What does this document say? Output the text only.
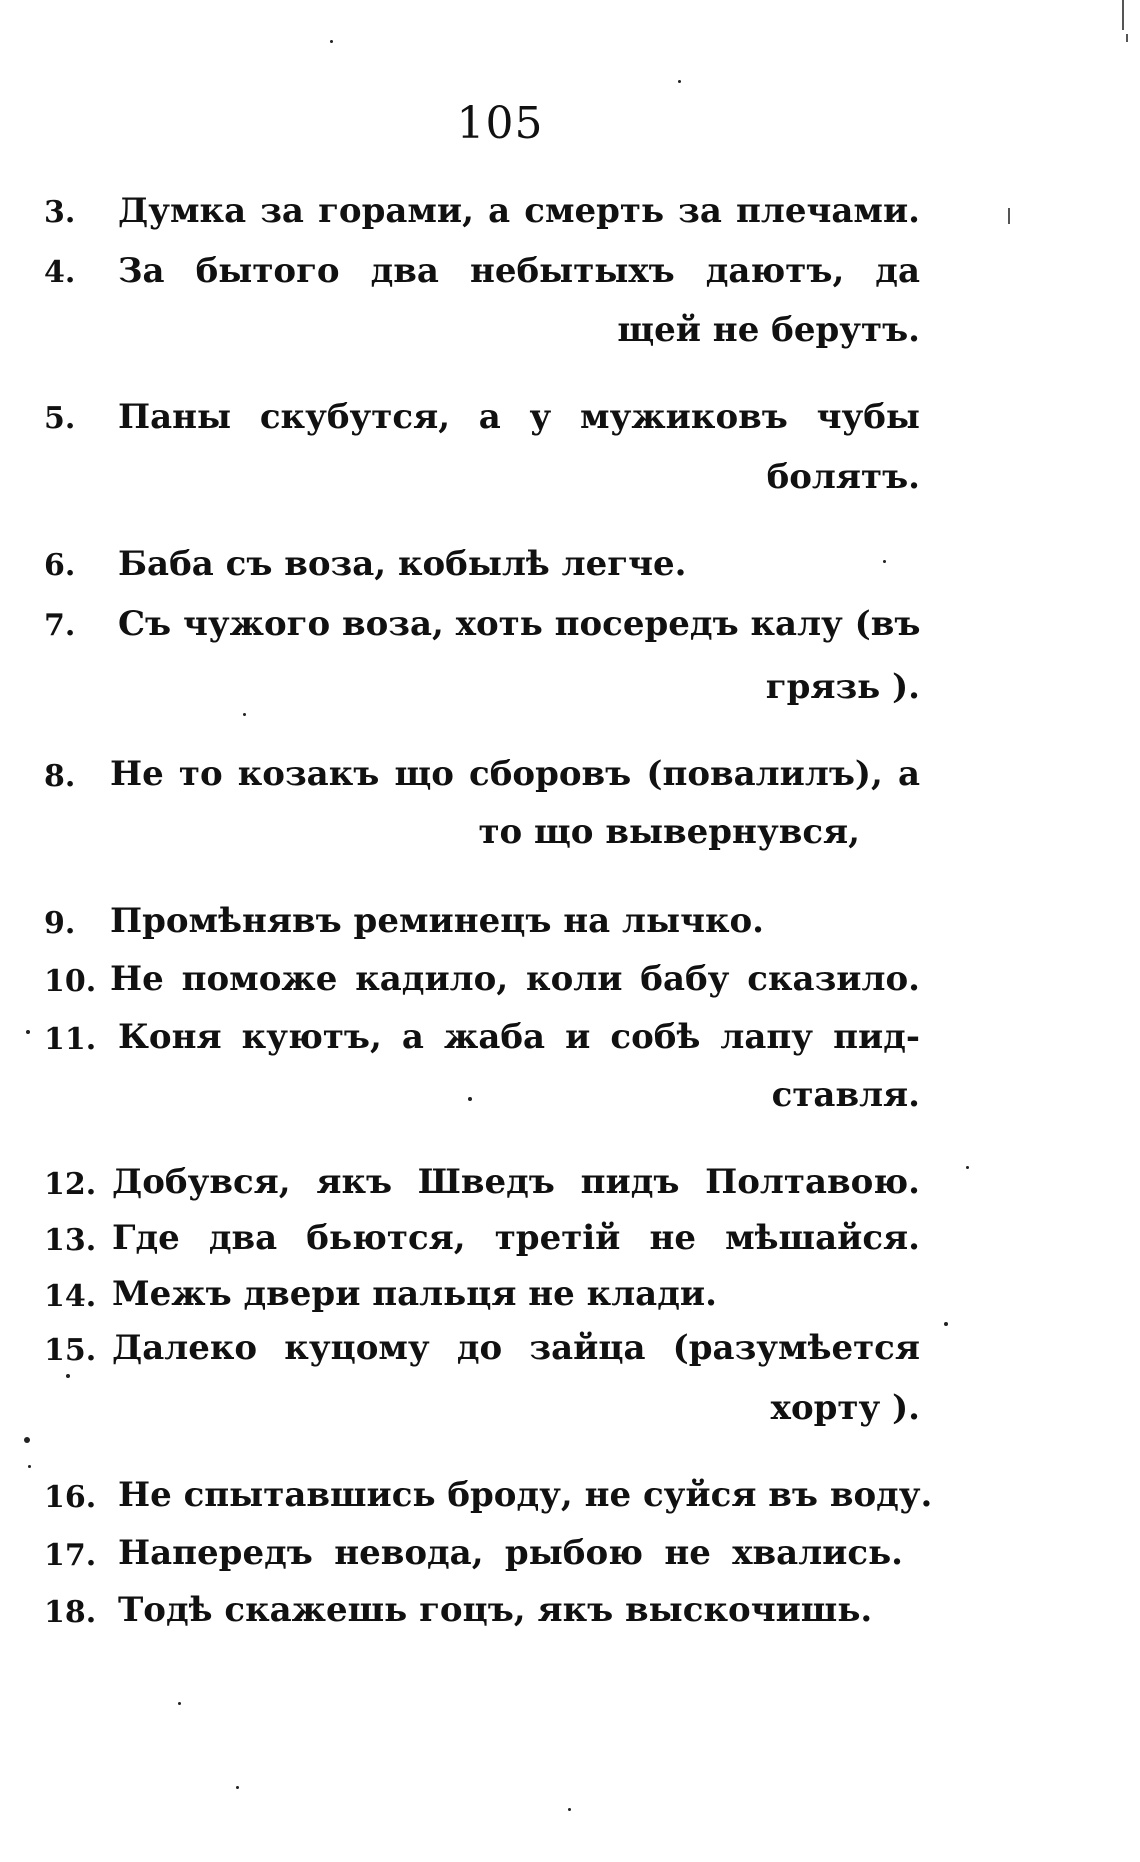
105
3. Думка за горами, а смерть за плечами.
4. За бытого два небытыхъ даютъ, да
щей не берутъ.
5. Паны скубутся, а у мужиковъ чубы
болятъ.
6. Баба съ воза, кобылѣ легче.
7. Съ чужого воза, хоть посередъ калу (въ
грязь ).
8. Не то козакъ що сборовъ (повалилъ), а
то що вывернувся,
9. Промѣнявъ реминецъ на лычко.
10. Не поможе кадило, коли бабу сказило.
11. Коня куютъ, а жаба и собѣ лапу пид-
ставля.
12. Добувся, якъ Шведъ пидъ Полтавою.
13. Где два бьются, третій не мѣшайся.
14. Межъ двери пальця не клади.
15. Далеко куцому до зайца (разумѣется
хорту ).
16. Не спытавшись броду, не суйся въ воду.
17. Напередъ невода, рыбою не хвались.
18. Тодѣ скажешь гоцъ, якъ выскочишь.
